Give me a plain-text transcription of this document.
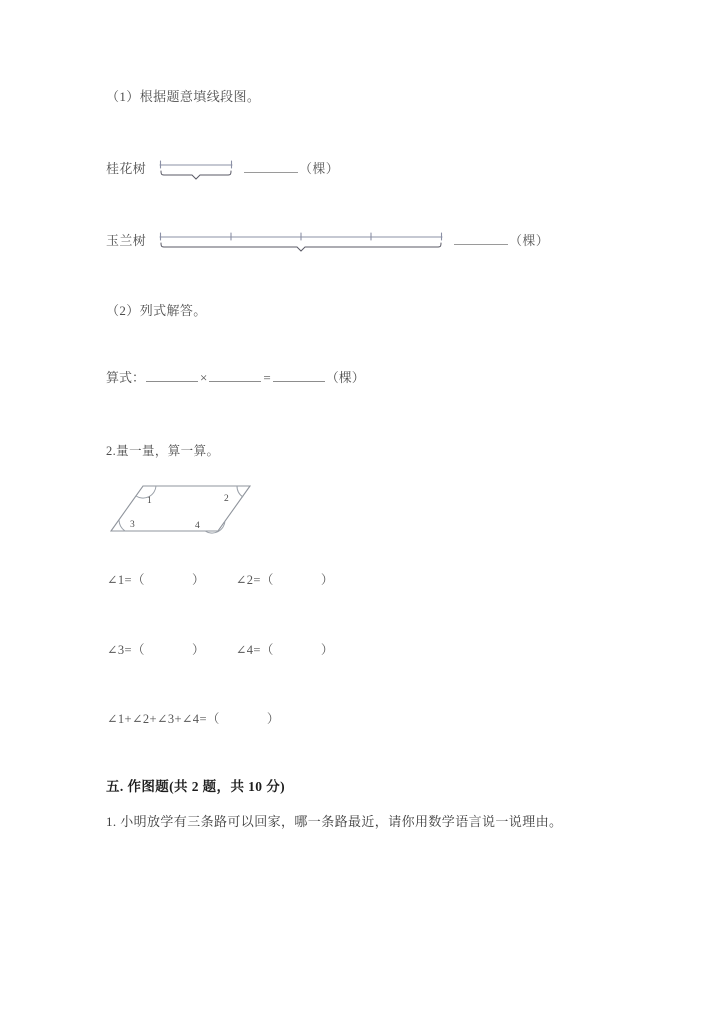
（1）根据题意填线段图。
桂花树	（棵）
玉兰树	（棵）
（2）列式解答。
算式：	×	=	（棵）
2.量一量，算一算。
1	2
3	4
∠1=（	） ∠2=（	）
∠3=（	） ∠4=（	）
∠1+∠2+∠3+∠4=（	）
五. 作图题(共 2 题，共 10 分)
1. 小明放学有三条路可以回家，哪一条路最近，请你用数学语言说一说理由。
